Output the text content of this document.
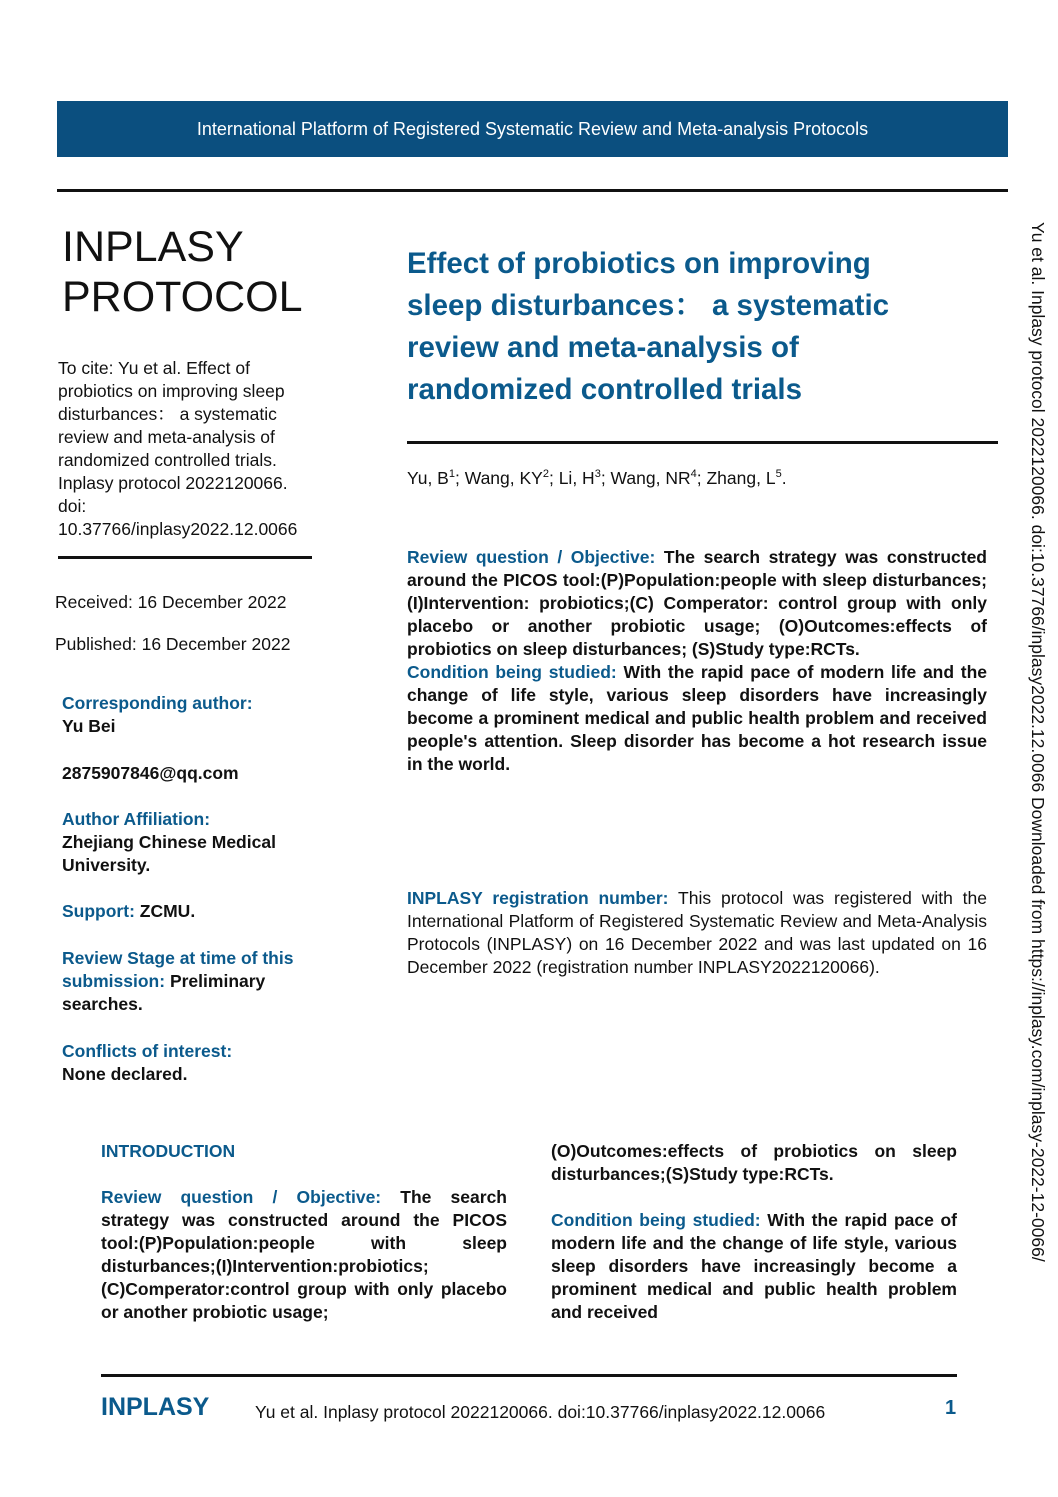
International Platform of Registered Systematic Review and Meta-analysis Protocols
INPLASY
PROTOCOL
To cite: Yu et al. Effect of
probiotics on improving sleep
disturbances： a systematic
review and meta-analysis of
randomized controlled trials.
Inplasy protocol 2022120066.
doi:
10.37766/inplasy2022.12.0066
Received: 16 December 2022
Published: 16 December 2022
Corresponding author:
Yu Bei
2875907846@qq.com
Author Affiliation:
Zhejiang Chinese Medical University.
Support: ZCMU.
Review Stage at time of this submission: Preliminary searches.
Conflicts of interest:
None declared.
Effect of probiotics on improving
sleep disturbances： a systematic
review and meta-analysis of
randomized controlled trials
Yu, $B^1$; Wang, $KY^2$; Li, $H^3$; Wang, $NR^4$; Zhang, $L^5$.

Review question / Objective: The search strategy was constructed around the PICOS tool:(P)Population:people with sleep disturbances; (I)Intervention: probiotics;(C) Comperator: control group with only placebo or another probiotic usage; (O)Outcomes:effects of probiotics on sleep disturbances; (S)Study type:RCTs.
Condition being studied: With the rapid pace of modern life and the change of life style, various sleep disorders have increasingly become a prominent medical and public health problem and received people's attention. Sleep disorder has become a hot research issue in the world.

INPLASY registration number: This protocol was registered with the International Platform of Registered Systematic Review and Meta-Analysis Protocols (INPLASY) on 16 December 2022 and was last updated on 16 December 2022 (registration number INPLASY2022120066).

INTRODUCTION

Review question / Objective: The search strategy was constructed around the PICOS tool:(P)Population:people with sleep disturbances;(I)Intervention:probiotics;(C)Comperator:control group with only placebo or another probiotic usage;

(O)Outcomes:effects of probiotics on sleep disturbances;(S)Study type:RCTs.

Condition being studied: With the rapid pace of modern life and the change of life style, various sleep disorders have increasingly become a prominent medical and public health problem and received

INPLASY	Yu et al. Inplasy protocol 2022120066. doi:10.37766/inplasy2022.12.0066	1
Yu et al. Inplasy protocol 2022120066. doi:10.37766/inplasy2022.12.0066 Downloaded from https://inplasy.com/inplasy-2022-12-0066/
